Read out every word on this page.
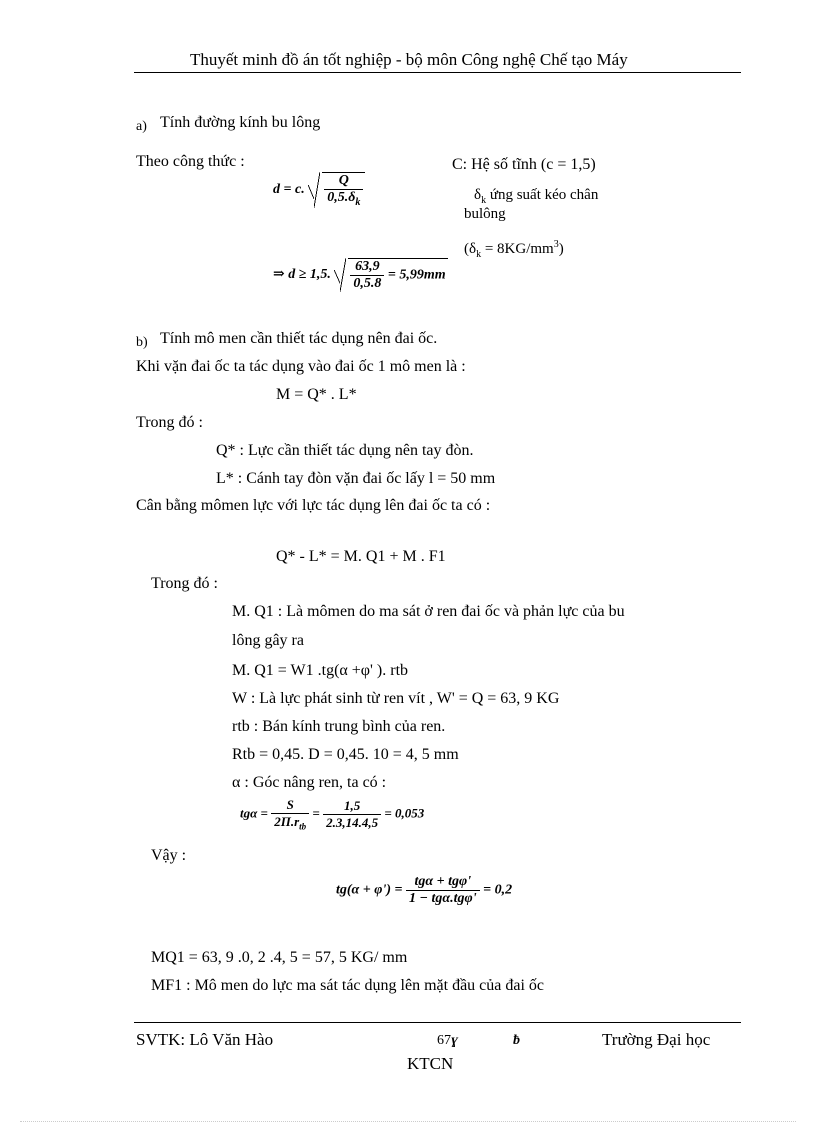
Thuyết minh đồ án tốt nghiệp - bộ môn Công nghệ Chế tạo Máy
a) Tính đường kính bu lông
Theo công thức :
d = c. $\frac{Q}{0,5.\delta_k}$
C: Hệ số tĩnh (c = 1,5)
$\delta_k$ ứng suất kéo chân
bulông
$(\delta_k = 8KG/mm^3)$
⇒ d ≥ 1,5. $\frac{63,9}{0,5.8} = 5,99mm$
b) Tính mô men cần thiết tác dụng nên đai ốc.
Khi vặn đai ốc ta tác dụng vào đai ốc 1 mô men là :
M = Q* . L*
Trong đó :
Q* : Lực cần thiết tác dụng nên tay đòn.
L* : Cánh tay đòn vặn đai ốc lấy l = 50 mm
Cân bằng mômen lực với lực tác dụng lên đai ốc ta có :
Q* - L* = M. Q1 + M . F1
Trong đó :
M. Q1 : Là mômen do ma sát ở ren đai ốc và phản lực của bu
lông gây ra
M. Q1 = W1 .tg(α +φ' ). rtb
W : Là lực phát sinh từ ren vít , W' = Q = 63, 9 KG
rtb : Bán kính trung bình của ren.
Rtb = 0,45. D = 0,45. 10 = 4, 5 mm
α : Góc nâng ren, ta có :
$tg\alpha = \frac{S}{2\Pi.r_{tb}} = \frac{1,5}{2.3,14.4,5} = 0,053$
Vậy :
$tg(\alpha + \varphi') = \frac{\text{tgα + tgφ'}}{\text{1 − tgα.tgφ'}} = 0,2$
MQ1 = 63, 9 .0, 2 .4, 5 = 57, 5 KG/ mm
MF1 : Mô men do lực ma sát tác dụng lên mặt đầu của đai ốc
SVTK: Lô Văn Hào	67ɣ	ƀ	Trường Đại học
KTCN
